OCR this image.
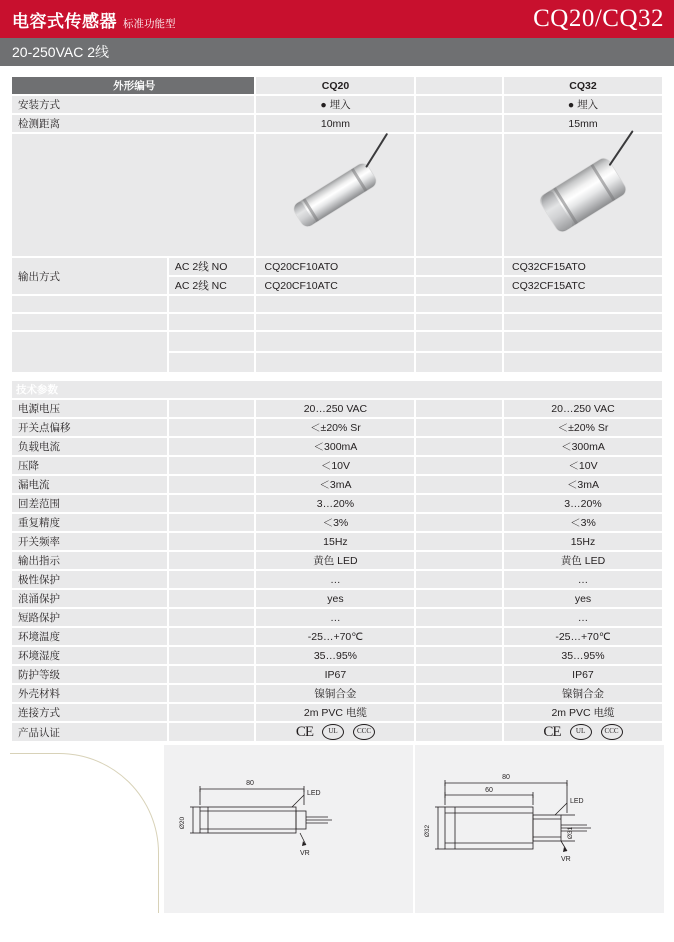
电容式传感器 标准功能型	CQ20/CQ32
20-250VAC 2线
外形编号		CQ20		CQ32
安装方式		● 埋入		● 埋入
检测距离		10mm		15mm

输出方式	AC 2线 NO	CQ20CF10ATO		CQ32CF15ATO
	AC 2线 NC	CQ20CF10ATC		CQ32CF15ATC

技术参数				
电源电压		20…250 VAC		20…250 VAC
开关点偏移		＜±20% Sr		＜±20% Sr
负载电流		＜300mA		＜300mA
压降		＜10V		＜10V
漏电流		＜3mA		＜3mA
回差范围		3…20%		3…20%
重复精度		＜3%		＜3%
开关频率		15Hz		15Hz
输出指示		黄色 LED		黄色 LED
极性保护		…		…
浪涌保护		yes		yes
短路保护		…		…
环境温度		-25…+70℃		-25…+70℃
环境湿度		35…95%		35…95%
防护等级		IP67		IP67
外壳材料		镍铜合金		镍铜合金
连接方式		2m PVC 电缆		2m PVC 电缆
产品认证		CE UL CCC		CE UL CCC
80
Ø20
LED
VR
80
60
Ø32	Ø31
LED
VR
